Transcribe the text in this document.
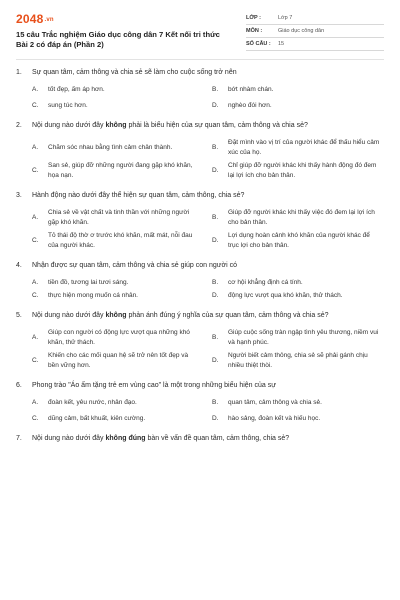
2048.vn
15 câu Trắc nghiệm Giáo dục công dân 7 Kết nối tri thức
Bài 2 có đáp án (Phần 2)
LỚP :	Lớp 7
MÔN :	Giáo dục công dân
SỐ CÂU :	15
1.	Sự quan tâm, cảm thông và chia sẻ sẽ làm cho cuộc sống trở nên
A.	tốt đẹp, ấm áp hơn.	B.	bớt nhàm chán.
C.	sung túc hơn.	D.	nghèo đói hơn.
2.	Nội dung nào dưới đây không phải là biểu hiện của sự quan tâm, cảm thông và chia sẻ?
A.	Chăm sóc nhau bằng tình cảm chân thành.	B.
Đặt mình vào vị trí của người khác để thấu hiểu cảm xúc của họ.
C.
San sẻ, giúp đỡ những người đang gặp khó khăn, họa nạn.
D.
Chỉ giúp đỡ người khác khi thấy hành động đó đem lại lợi ích cho bản thân.
3.	Hành động nào dưới đây thể hiện sự quan tâm, cảm thông, chia sẻ?
A.
Chia sẻ về vật chất và tinh thần với những người gặp khó khăn.
B.
Giúp đỡ người khác khi thấy việc đó đem lại lợi ích cho bản thân.
C.
Tỏ thái độ thờ ơ trước khó khăn, mất mát, nỗi đau của người khác.
D.
Lợi dụng hoàn cảnh khó khăn của người khác để trục lợi cho bản thân.
4.	Nhận được sự quan tâm, cảm thông và chia sẻ giúp con người có
A.	tiền đồ, tương lai tươi sáng.	B.	cơ hội khẳng định cá tính.
C.	thực hiện mong muốn cá nhân.	D.	động lực vượt qua khó khăn, thử thách.
5.	Nội dung nào dưới đây không phản ánh đúng ý nghĩa của sự quan tâm, cảm thông và chia sẻ?
A.
Giúp con người có động lực vượt qua những khó khăn, thử thách.
B.
Giúp cuộc sống tràn ngập tình yêu thương, niềm vui và hạnh phúc.
C.
Khiến cho các mối quan hệ sẽ trở nên tốt đẹp và bền vững hơn.
D.
Người biết cảm thông, chia sẻ sẽ phải gánh chịu nhiều thiệt thòi.
6.	Phong trào "Áo ấm tặng trẻ em vùng cao" là một trong những biểu hiện của sự
A.	đoàn kết, yêu nước, nhân đạo.	B.	quan tâm, cảm thông và chia sẻ.
C.	dũng cảm, bất khuất, kiên cường.	D.	hào sảng, đoàn kết và hiếu học.
7.	Nội dung nào dưới đây không đúng bàn về vấn đề quan tâm, cảm thông, chia sẻ?
